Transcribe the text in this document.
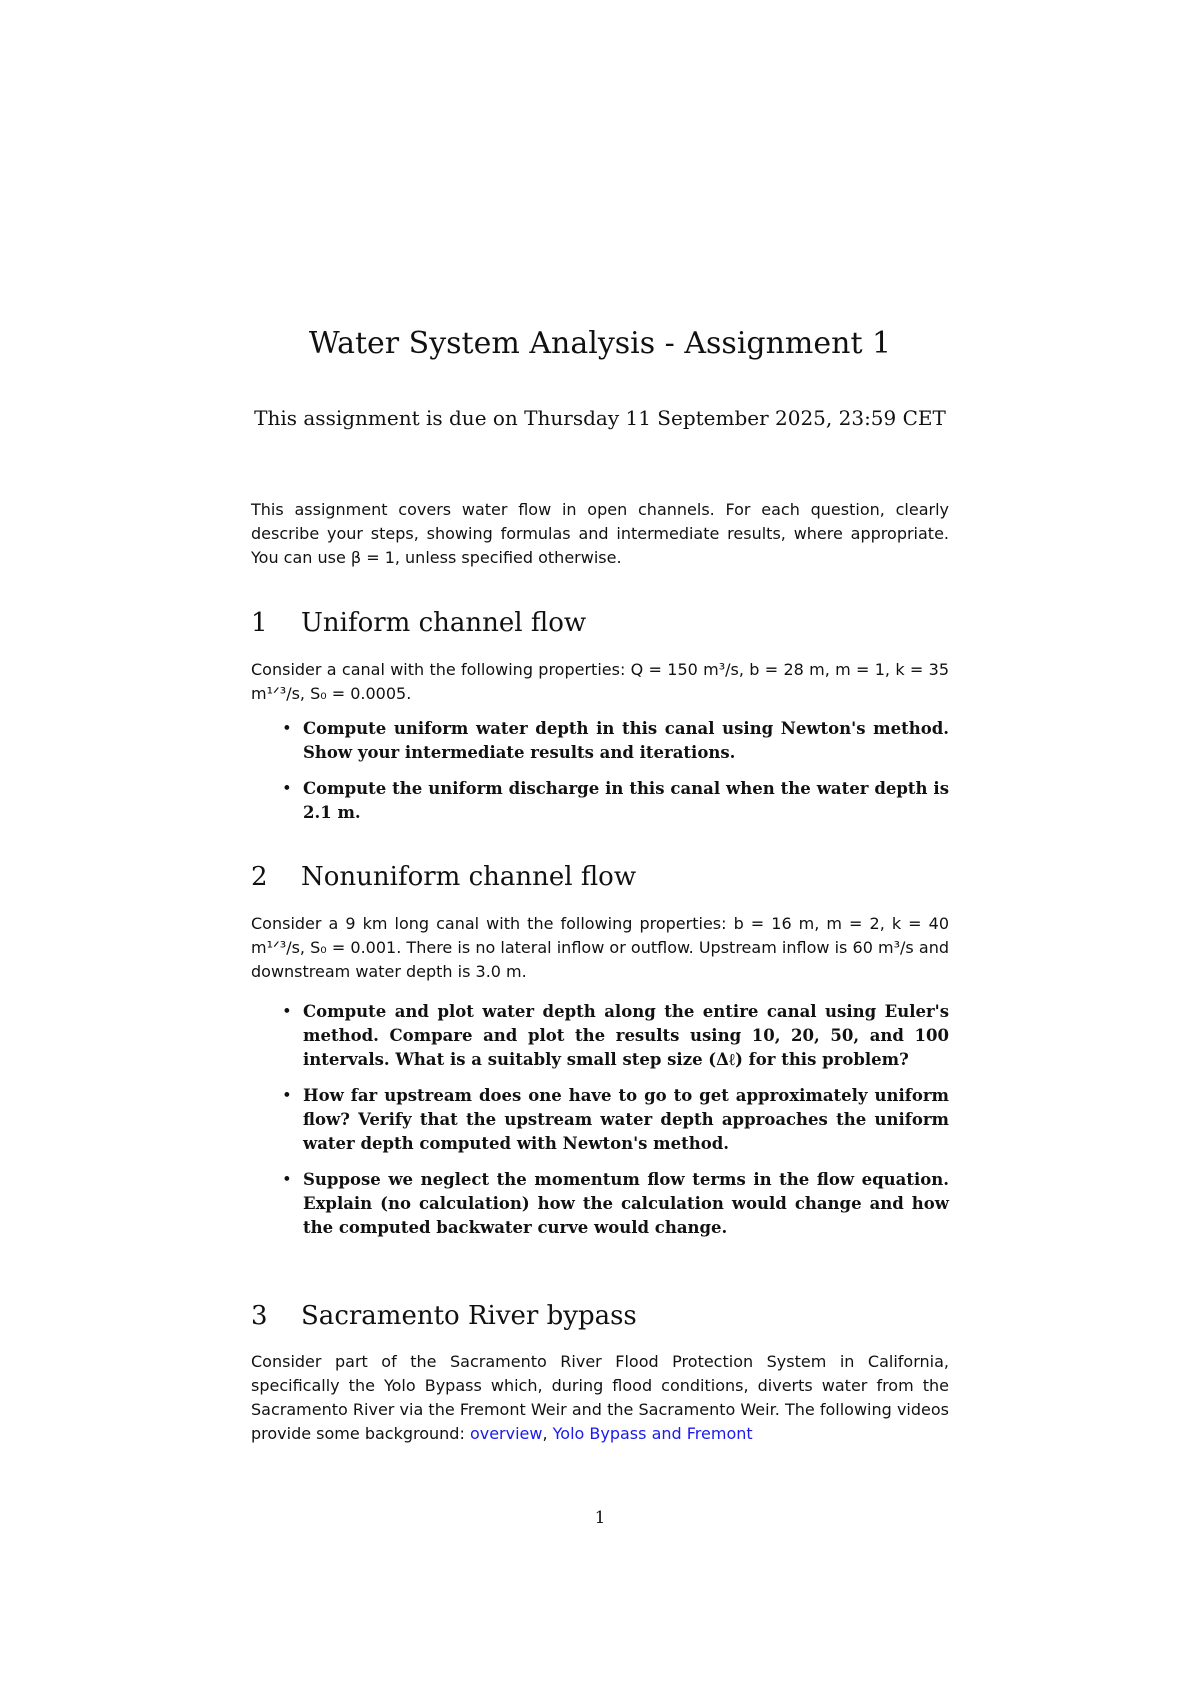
Water System Analysis - Assignment 1

This assignment is due on Thursday 11 September 2025, 23:59 CET

This assignment covers water flow in open channels. For each question, clearly describe your steps, showing formulas and intermediate results, where appropriate. You can use β = 1, unless specified otherwise.

1 Uniform channel flow

Consider a canal with the following properties: Q = 150 m³/s, b = 28 m, m = 1, k = 35 m¹ᐟ³/s, S₀ = 0.0005.

• Compute uniform water depth in this canal using Newton's method. Show your intermediate results and iterations.
• Compute the uniform discharge in this canal when the water depth is 2.1 m.
2 Nonuniform channel flow

Consider a 9 km long canal with the following properties: b = 16 m, m = 2, k = 40 m¹ᐟ³/s, S₀ = 0.001. There is no lateral inflow or outflow. Upstream inflow is 60 m³/s and downstream water depth is 3.0 m.

• Compute and plot water depth along the entire canal using Euler's method. Compare and plot the results using 10, 20, 50, and 100 intervals. What is a suitably small step size (Δℓ) for this problem?
• How far upstream does one have to go to get approximately uniform flow? Verify that the upstream water depth approaches the uniform water depth computed with Newton's method.
• Suppose we neglect the momentum flow terms in the flow equation. Explain (no calculation) how the calculation would change and how the computed backwater curve would change.
3 Sacramento River bypass

Consider part of the Sacramento River Flood Protection System in California, specifically the Yolo Bypass which, during flood conditions, diverts water from the Sacramento River via the Fremont Weir and the Sacramento Weir. The following videos provide some background: overview, Yolo Bypass and Fremont

1
